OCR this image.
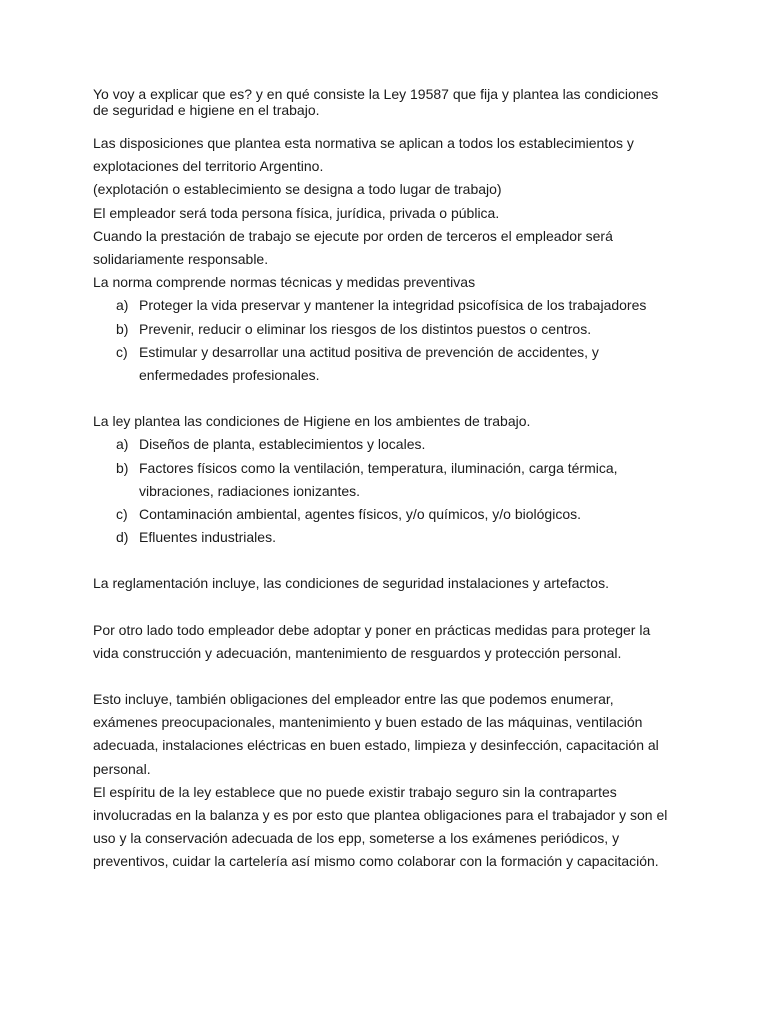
Yo voy a explicar que es? y en qué consiste la Ley 19587 que fija y plantea las condiciones
de seguridad e higiene en el trabajo.

Las disposiciones que plantea esta normativa se aplican a todos los establecimientos y
explotaciones del territorio Argentino.

(explotación o establecimiento se designa a todo lugar de trabajo)

El empleador será toda persona física, jurídica, privada o pública.

Cuando la prestación de trabajo se ejecute por orden de terceros el empleador será
solidariamente responsable.

La norma comprende normas técnicas y medidas preventivas

a) Proteger la vida preservar y mantener la integridad psicofísica de los trabajadores
b) Prevenir, reducir o eliminar los riesgos de los distintos puestos o centros.
c) Estimular y desarrollar una actitud positiva de prevención de accidentes, y
enfermedades profesionales.

La ley plantea las condiciones de Higiene en los ambientes de trabajo.

a) Diseños de planta, establecimientos y locales.
b) Factores físicos como la ventilación, temperatura, iluminación, carga térmica,
vibraciones, radiaciones ionizantes.
c) Contaminación ambiental, agentes físicos, y/o químicos, y/o biológicos.
d) Efluentes industriales.

La reglamentación incluye, las condiciones de seguridad instalaciones y artefactos.

Por otro lado todo empleador debe adoptar y poner en prácticas medidas para proteger la
vida construcción y adecuación, mantenimiento de resguardos y protección personal.

Esto incluye, también obligaciones del empleador entre las que podemos enumerar,
exámenes preocupacionales, mantenimiento y buen estado de las máquinas, ventilación
adecuada, instalaciones eléctricas en buen estado, limpieza y desinfección, capacitación al
personal.

El espíritu de la ley establece que no puede existir trabajo seguro sin la contrapartes
involucradas en la balanza y es por esto que plantea obligaciones para el trabajador y son el
uso y la conservación adecuada de los epp, someterse a los exámenes periódicos, y
preventivos, cuidar la cartelería así mismo como colaborar con la formación y capacitación.
